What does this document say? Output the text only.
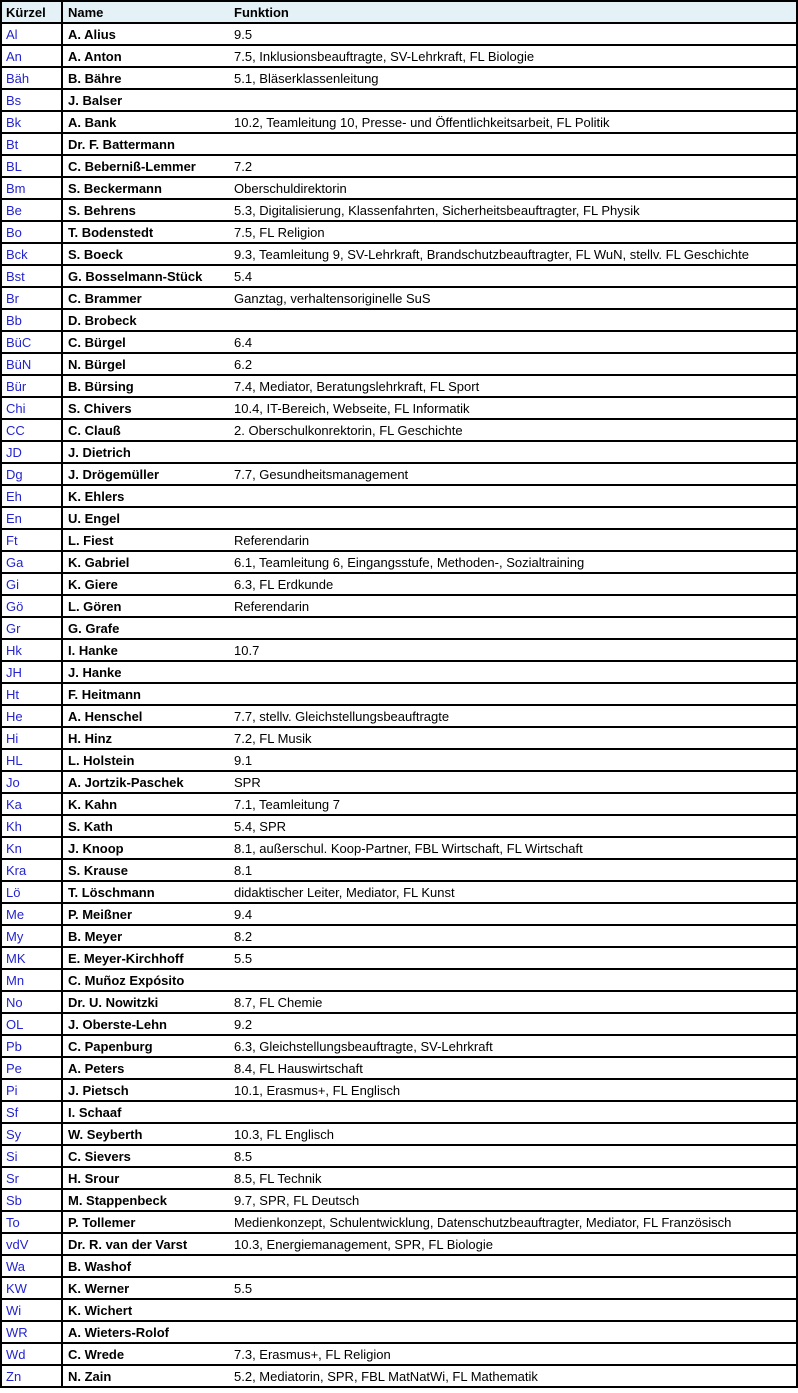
Kürzel	Name	Funktion
Al	A. Alius	9.5
An	A. Anton	7.5, Inklusionsbeauftragte, SV-Lehrkraft, FL Biologie
Bäh	B. Bähre	5.1, Bläserklassenleitung
Bs	J. Balser	
Bk	A. Bank	10.2, Teamleitung 10, Presse- und Öffentlichkeitsarbeit, FL Politik
Bt	Dr. F. Battermann	
BL	C. Beberniß-Lemmer	7.2
Bm	S. Beckermann	Oberschuldirektorin
Be	S. Behrens	5.3, Digitalisierung, Klassenfahrten, Sicherheitsbeauftragter, FL Physik
Bo	T. Bodenstedt	7.5, FL Religion
Bck	S. Boeck	9.3, Teamleitung 9, SV-Lehrkraft, Brandschutzbeauftragter, FL WuN, stellv. FL Geschichte
Bst	G. Bosselmann-Stück	5.4
Br	C. Brammer	Ganztag, verhaltensoriginelle SuS
Bb	D. Brobeck	
BüC	C. Bürgel	6.4
BüN	N. Bürgel	6.2
Bür	B. Bürsing	7.4, Mediator, Beratungslehrkraft, FL Sport
Chi	S. Chivers	10.4, IT-Bereich, Webseite, FL Informatik
CC	C. Clauß	2. Oberschulkonrektorin, FL Geschichte
JD	J. Dietrich	
Dg	J. Drögemüller	7.7, Gesundheitsmanagement
Eh	K. Ehlers	
En	U. Engel	
Ft	L. Fiest	Referendarin
Ga	K. Gabriel	6.1, Teamleitung 6, Eingangsstufe, Methoden-, Sozialtraining
Gi	K. Giere	6.3, FL Erdkunde
Gö	L. Gören	Referendarin
Gr	G. Grafe	
Hk	I. Hanke	10.7
JH	J. Hanke	
Ht	F. Heitmann	
He	A. Henschel	7.7, stellv. Gleichstellungsbeauftragte
Hi	H. Hinz	7.2, FL Musik
HL	L. Holstein	9.1
Jo	A. Jortzik-Paschek	SPR
Ka	K. Kahn	7.1, Teamleitung 7
Kh	S. Kath	5.4, SPR
Kn	J. Knoop	8.1, außerschul. Koop-Partner, FBL Wirtschaft, FL Wirtschaft
Kra	S. Krause	8.1
Lö	T. Löschmann	didaktischer Leiter, Mediator, FL Kunst
Me	P. Meißner	9.4
My	B. Meyer	8.2
MK	E. Meyer-Kirchhoff	5.5
Mn	C. Muñoz Expósito	
No	Dr. U. Nowitzki	8.7, FL Chemie
OL	J. Oberste-Lehn	9.2
Pb	C. Papenburg	6.3, Gleichstellungsbeauftragte, SV-Lehrkraft
Pe	A. Peters	8.4, FL Hauswirtschaft
Pi	J. Pietsch	10.1, Erasmus+, FL Englisch
Sf	I. Schaaf	
Sy	W. Seyberth	10.3, FL Englisch
Si	C. Sievers	8.5
Sr	H. Srour	8.5, FL Technik
Sb	M. Stappenbeck	9.7, SPR, FL Deutsch
To	P. Tollemer	Medienkonzept, Schulentwicklung, Datenschutzbeauftragter, Mediator, FL Französisch
vdV	Dr. R. van der Varst	10.3, Energiemanagement, SPR, FL Biologie
Wa	B. Washof	
KW	K. Werner	5.5
Wi	K. Wichert	
WR	A. Wieters-Rolof	
Wd	C. Wrede	7.3, Erasmus+, FL Religion
Zn	N. Zain	5.2, Mediatorin, SPR, FBL MatNatWi, FL Mathematik
